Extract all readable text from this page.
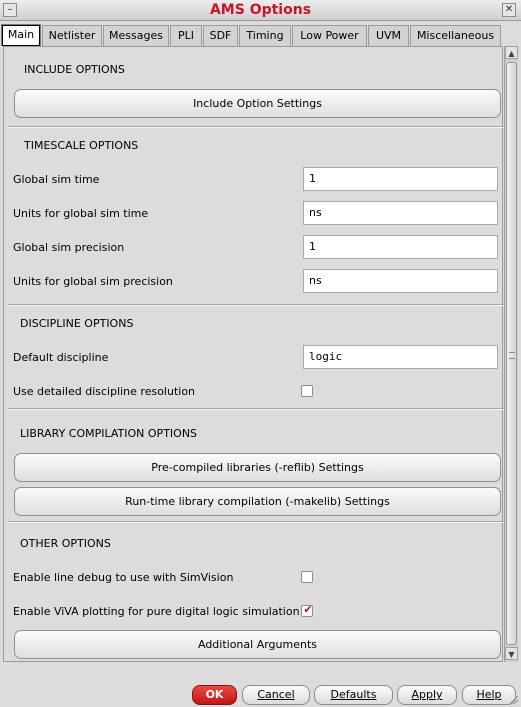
–	AMS Options	✕
Main	Netlister	Messages	PLI	SDF	Timing	Low Power	UVM	Miscellaneous
INCLUDE OPTIONS
Include Option Settings
TIMESCALE OPTIONS
Global sim time	1
Units for global sim time	ns
Global sim precision	1
Units for global sim precision	ns
DISCIPLINE OPTIONS
Default discipline	logic
Use detailed discipline resolution
LIBRARY COMPILATION OPTIONS
Pre-compiled libraries (-reflib) Settings
Run-time library compilation (-makelib) Settings
OTHER OPTIONS
Enable line debug to use with SimVision
Enable ViVA plotting for pure digital logic simulation ✔
Additional Arguments
▲
▼
OK	Cancel	Defaults	Apply	Help
